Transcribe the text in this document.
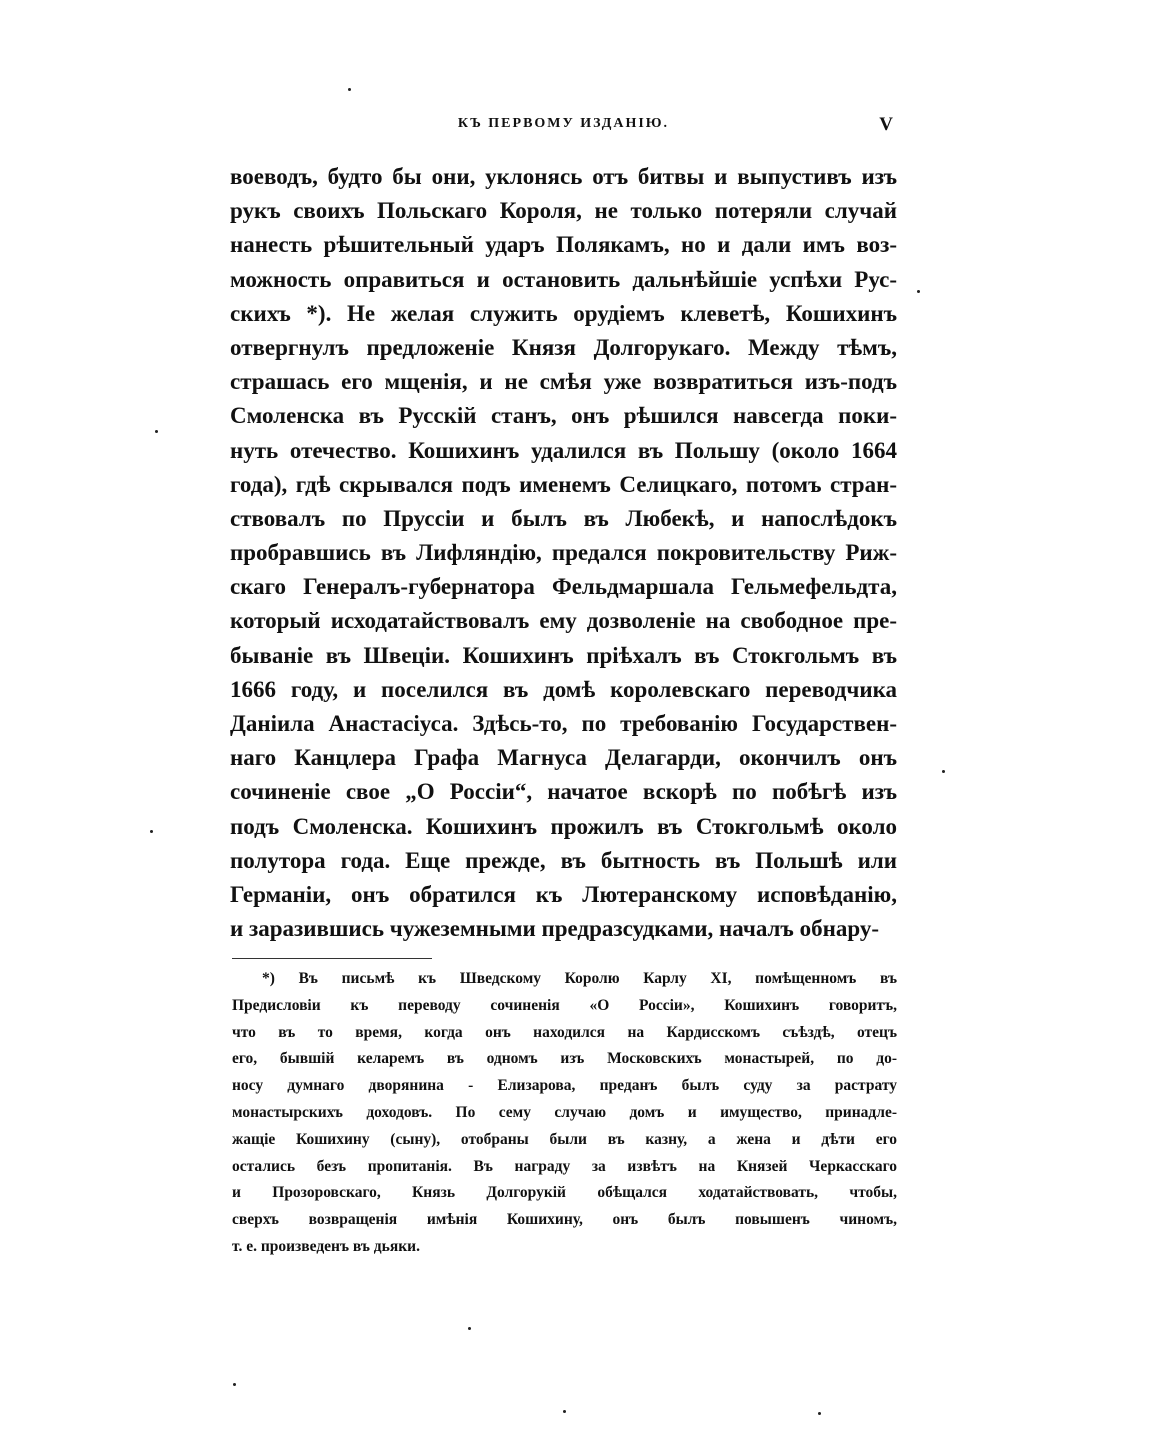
КЪ ПЕРВОМУ ИЗДАНІЮ.	V
воеводъ, будто бы они, уклонясь отъ битвы и выпустивъ изъ
рукъ своихъ Польскаго Короля, не только потеряли случай
нанесть рѣшительный ударъ Полякамъ, но и дали имъ воз-
можность оправиться и остановить дальнѣйшіе успѣхи Рус-
скихъ *). Не желая служить орудіемъ клеветѣ, Кошихинъ
отвергнулъ предложеніе Князя Долгорукаго. Между тѣмъ,
страшась его мщенія, и не смѣя уже возвратиться изъ-подъ
Смоленска въ Русскій станъ, онъ рѣшился навсегда поки-
нуть отечество. Кошихинъ удалился въ Польшу (около 1664
года), гдѣ скрывался подъ именемъ Селицкаго, потомъ стран-
ствовалъ по Пруссіи и былъ въ Любекѣ, и напослѣдокъ
пробравшись въ Лифляндію, предался покровительству Риж-
скаго Генералъ-губернатора Фельдмаршала Гельмефельдта,
который исходатайствовалъ ему дозволеніе на свободное пре-
бываніе въ Швеціи. Кошихинъ пріѣхалъ въ Стокгольмъ въ
1666 году, и поселился въ домѣ королевскаго переводчика
Даніила Анастасіуса. Здѣсь-то, по требованію Государствен-
наго Канцлера Графа Магнуса Делагарди, окончилъ онъ
сочиненіе свое „О Россіи“, начатое вскорѣ по побѣгѣ изъ
подъ Смоленска. Кошихинъ прожилъ въ Стокгольмѣ около
полутора года. Еще прежде, въ бытность въ Польшѣ или
Германіи, онъ обратился къ Лютеранскому исповѣданію,
и заразившись чужеземными предразсудками, началъ обнару-
*) Въ письмѣ къ Шведскому Королю Карлу XI, помѣщенномъ въ
Предисловіи къ переводу сочиненія «О Россіи», Кошихинъ говоритъ,
что въ то время, когда онъ находился на Кардисскомъ съѣздѣ, отецъ
его, бывшій келаремъ въ одномъ изъ Московскихъ монастырей, по до-
носу думнаго дворянина - Елизарова, преданъ былъ суду за растрату
монастырскихъ доходовъ. По сему случаю домъ и имущество, принадле-
жащіе Кошихину (сыну), отобраны были въ казну, а жена и дѣти его
остались безъ пропитанія. Въ награду за извѣтъ на Князей Черкасскаго
и Прозоровскаго, Князь Долгорукій обѣщался ходатайствовать, чтобы,
сверхъ возвращенія имѣнія Кошихину, онъ былъ повышенъ чиномъ,
т. е. произведенъ въ дьяки.
